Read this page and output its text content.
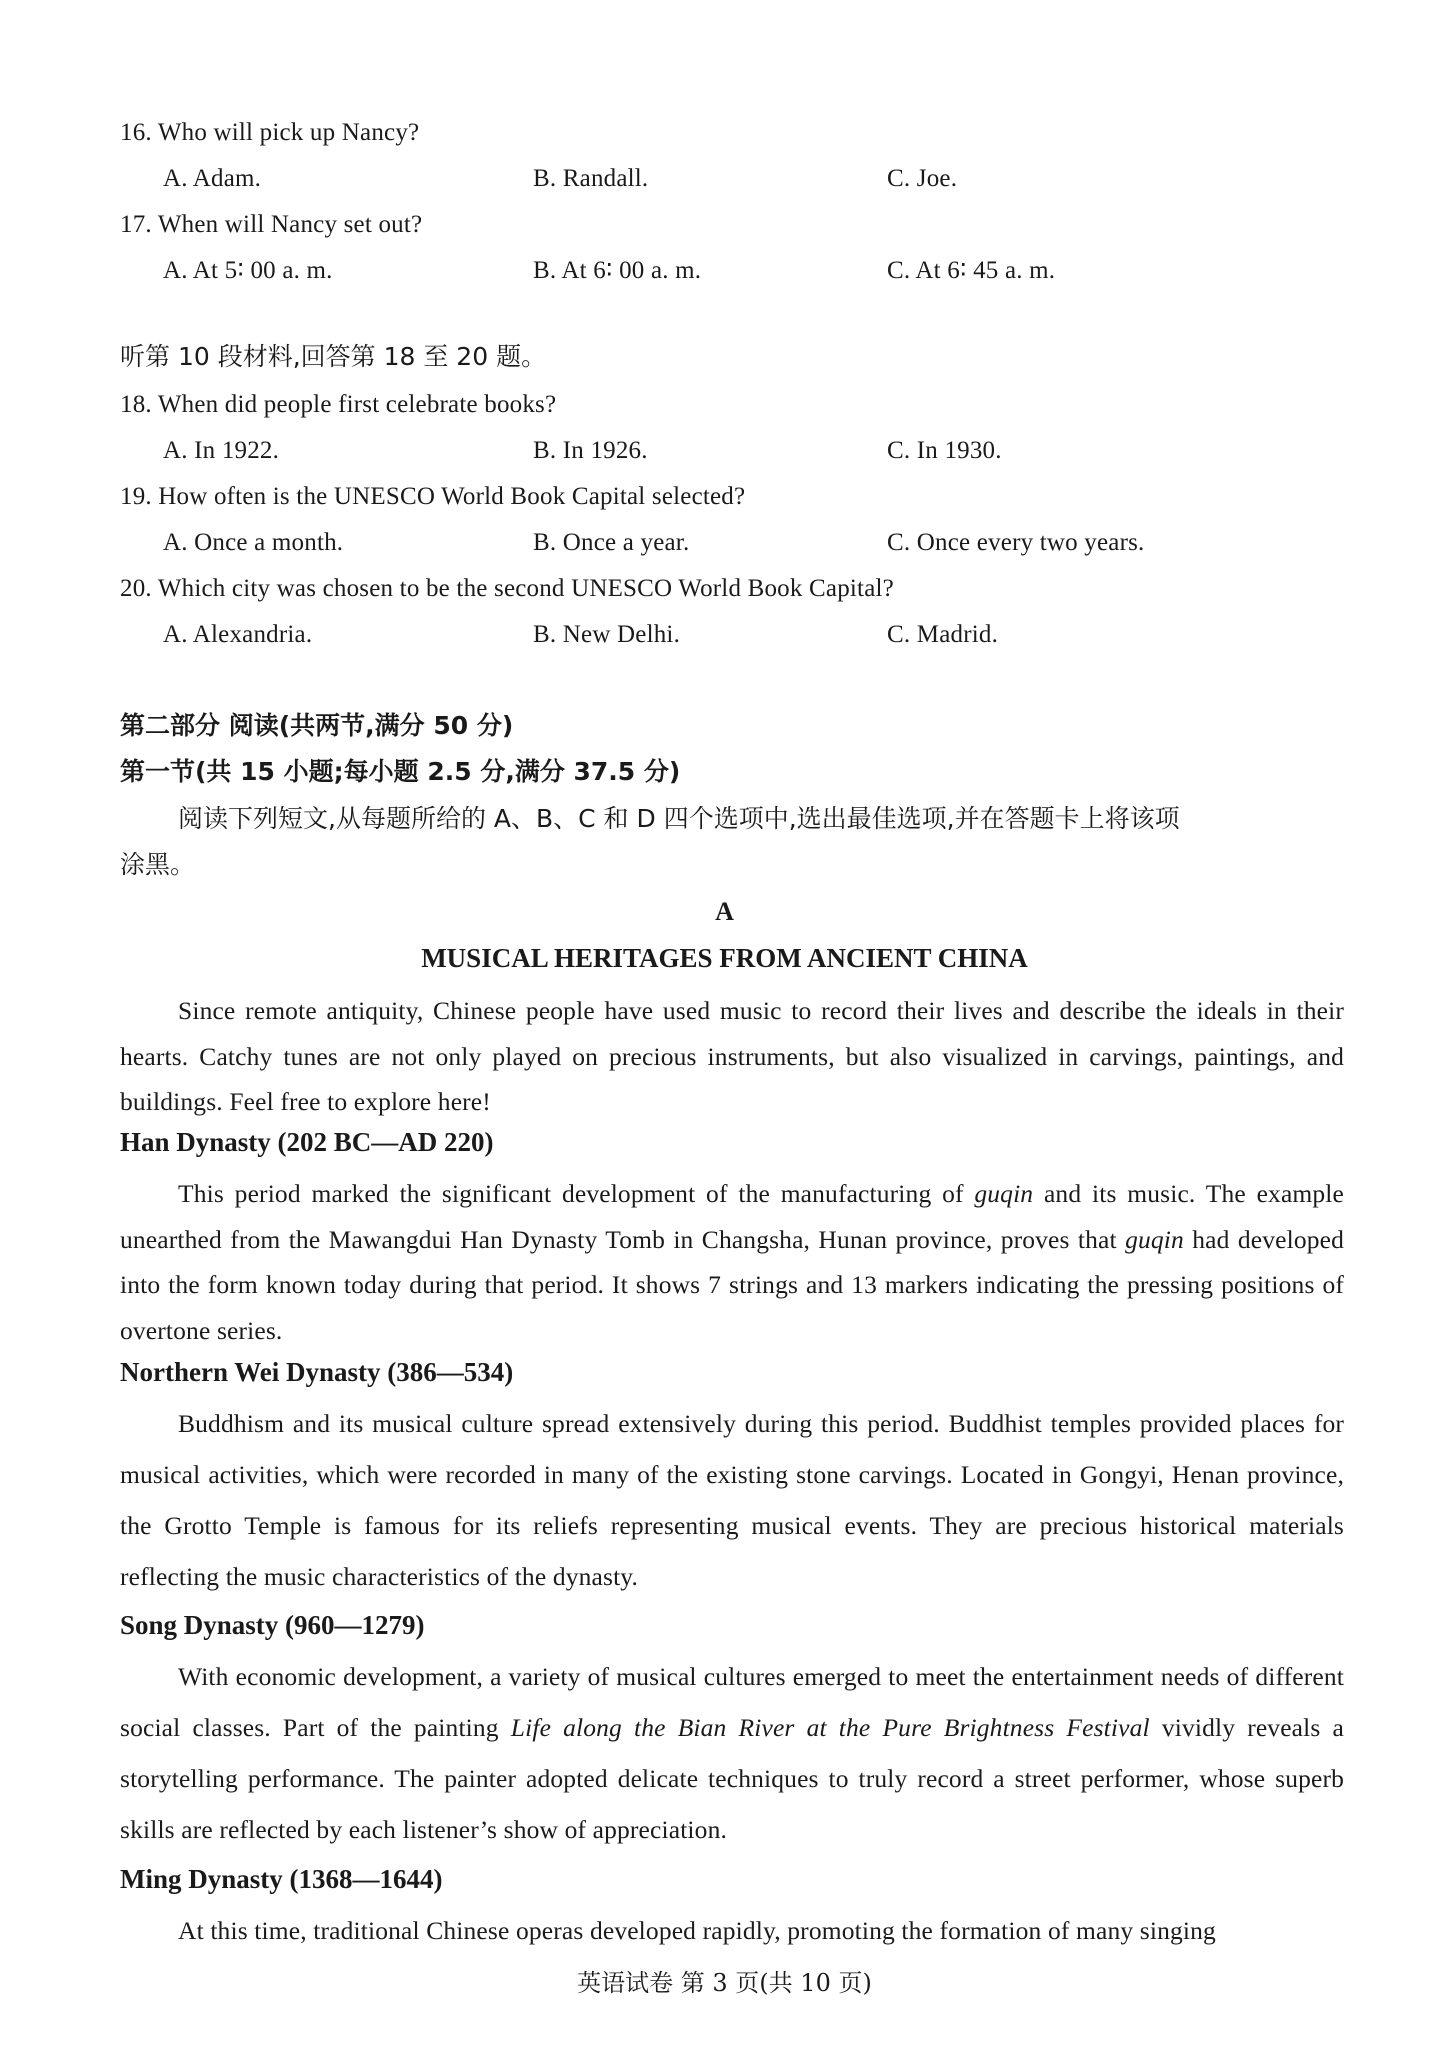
16. Who will pick up Nancy?
A. Adam.	B. Randall.	C. Joe.
17. When will Nancy set out?
A. At 5∶ 00 a. m.	B. At 6∶ 00 a. m.	C. At 6∶ 45 a. m.
听第 10 段材料,回答第 18 至 20 题。
18. When did people first celebrate books?
A. In 1922.	B. In 1926.	C. In 1930.
19. How often is the UNESCO World Book Capital selected?
A. Once a month.	B. Once a year.	C. Once every two years.
20. Which city was chosen to be the second UNESCO World Book Capital?
A. Alexandria.	B. New Delhi.	C. Madrid.
第二部分 阅读(共两节,满分 50 分)
第一节(共 15 小题;每小题 2.5 分,满分 37.5 分)
阅读下列短文,从每题所给的 A、B、C 和 D 四个选项中,选出最佳选项,并在答题卡上将该项
涂黑。
A
MUSICAL HERITAGES FROM ANCIENT CHINA
Since remote antiquity, Chinese people have used music to record their lives and describe the ideals in their hearts. Catchy tunes are not only played on precious instruments, but also visualized in carvings, paintings, and buildings. Feel free to explore here!
Han Dynasty (202 BC—AD 220)
This period marked the significant development of the manufacturing of guqin and its music. The example unearthed from the Mawangdui Han Dynasty Tomb in Changsha, Hunan province, proves that guqin had developed into the form known today during that period. It shows 7 strings and 13 markers indicating the pressing positions of overtone series.
Northern Wei Dynasty (386—534)
Buddhism and its musical culture spread extensively during this period. Buddhist temples provided places for musical activities, which were recorded in many of the existing stone carvings. Located in Gongyi, Henan province, the Grotto Temple is famous for its reliefs representing musical events. They are precious historical materials reflecting the music characteristics of the dynasty.
Song Dynasty (960—1279)
With economic development, a variety of musical cultures emerged to meet the entertainment needs of different social classes. Part of the painting Life along the Bian River at the Pure Brightness Festival vividly reveals a storytelling performance. The painter adopted delicate techniques to truly record a street performer, whose superb skills are reflected by each listener’s show of appreciation.
Ming Dynasty (1368—1644)
At this time, traditional Chinese operas developed rapidly, promoting the formation of many singing
英语试卷 第 3 页(共 10 页)
